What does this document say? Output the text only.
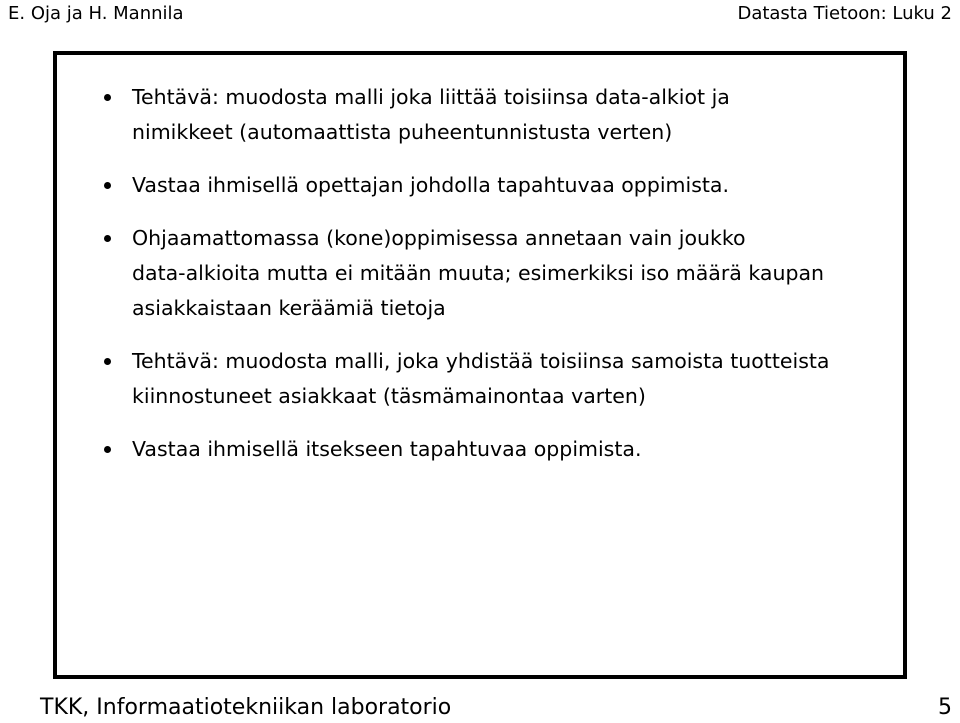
E. Oja ja H. Mannila	Datasta Tietoon: Luku 2
Tehtävä: muodosta malli joka liittää toisiinsa data-alkiot ja
nimikkeet (automaattista puheentunnistusta verten)
Vastaa ihmisellä opettajan johdolla tapahtuvaa oppimista.
Ohjaamattomassa (kone)oppimisessa annetaan vain joukko
data-alkioita mutta ei mitään muuta; esimerkiksi iso määrä kaupan
asiakkaistaan keräämiä tietoja
Tehtävä: muodosta malli, joka yhdistää toisiinsa samoista tuotteista
kiinnostuneet asiakkaat (täsmämainontaa varten)
Vastaa ihmisellä itsekseen tapahtuvaa oppimista.
TKK, Informaatiotekniikan laboratorio	5
